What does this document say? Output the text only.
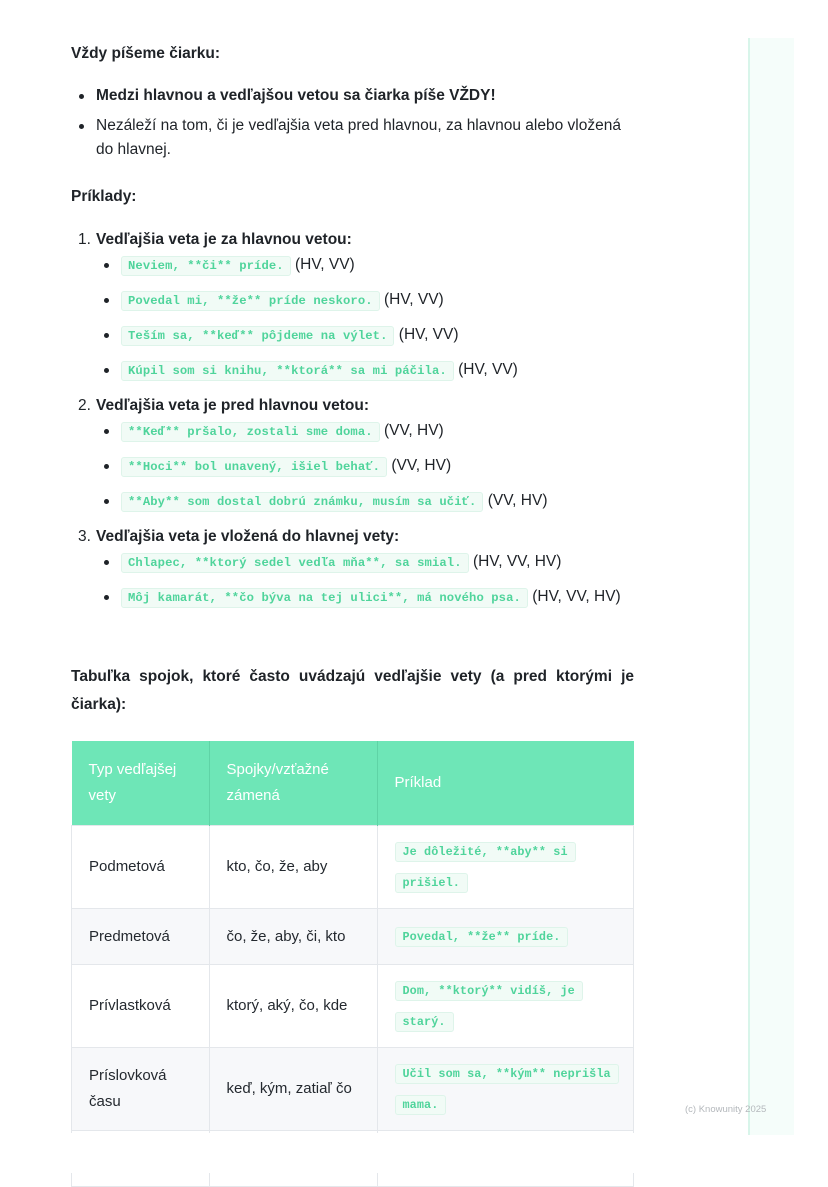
Vždy píšeme čiarku:

Medzi hlavnou a vedľajšou vetou sa čiarka píše VŽDY!
Nezáleží na tom, či je vedľajšia veta pred hlavnou, za hlavnou alebo vložená do hlavnej.

Príklady:

1. Vedľajšia veta je za hlavnou vetou:
Neviem, **či** príde. (HV, VV)
Povedal mi, **že** príde neskoro. (HV, VV)
Teším sa, **keď** pôjdeme na výlet. (HV, VV)
Kúpil som si knihu, **ktorá** sa mi páčila. (HV, VV)
2. Vedľajšia veta je pred hlavnou vetou:
**Keď** pršalo, zostali sme doma. (VV, HV)
**Hoci** bol unavený, išiel behať. (VV, HV)
**Aby** som dostal dobrú známku, musím sa učiť. (VV, HV)
3. Vedľajšia veta je vložená do hlavnej vety:
Chlapec, **ktorý sedel vedľa mňa**, sa smial. (HV, VV, HV)
Môj kamarát, **čo býva na tej ulici**, má nového psa. (HV, VV, HV)

Tabuľka spojok, ktoré často uvádzajú vedľajšie vety (a pred ktorými je čiarka):

Typ vedľajšej vety	Spojky/vzťažné zámená	Príklad
Podmetová	kto, čo, že, aby	Je dôležité, **aby** si prišiel.
Predmetová	čo, že, aby, či, kto	Povedal, **že** príde.
Prívlastková	ktorý, aký, čo, kde	Dom, **ktorý** vidíš, je starý.
Príslovková času	keď, kým, zatiaľ čo	Učil som sa, **kým** neprišla mama.
			(c) Knowunity 2025
